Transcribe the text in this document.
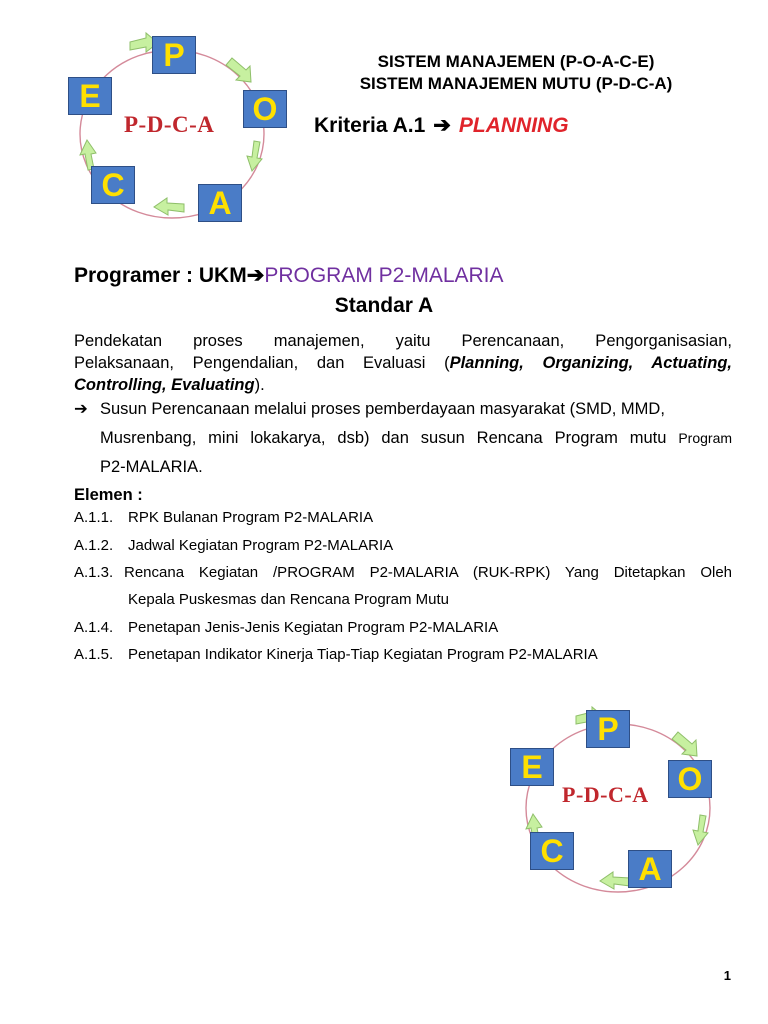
P
O
A
C
E
P-D-C-A
SISTEM MANAJEMEN (P-O-A-C-E)
SISTEM MANAJEMEN MUTU (P-D-C-A)
Kriteria A.1 ➔ PLANNING
Programer : UKM➔PROGRAM P2-MALARIA
Standar A
Pendekatan proses manajemen, yaitu Perencanaan, Pengorganisasian,
Pelaksanaan, Pengendalian, dan Evaluasi (Planning, Organizing, Actuating,
Controlling, Evaluating).
➔ Susun Perencanaan melalui proses pemberdayaan masyarakat (SMD, MMD,
Musrenbang, mini lokakarya, dsb) dan susun Rencana Program mutu Program
P2-MALARIA.
Elemen :
A.1.1. RPK Bulanan Program P2-MALARIA
A.1.2. Jadwal Kegiatan Program P2-MALARIA
A.1.3. Rencana Kegiatan /PROGRAM P2-MALARIA (RUK-RPK) Yang Ditetapkan Oleh
Kepala Puskesmas dan Rencana Program Mutu
A.1.4. Penetapan Jenis-Jenis Kegiatan Program P2-MALARIA
A.1.5. Penetapan Indikator Kinerja Tiap-Tiap Kegiatan Program P2-MALARIA
P
O
A
C
E
P-D-C-A
1
